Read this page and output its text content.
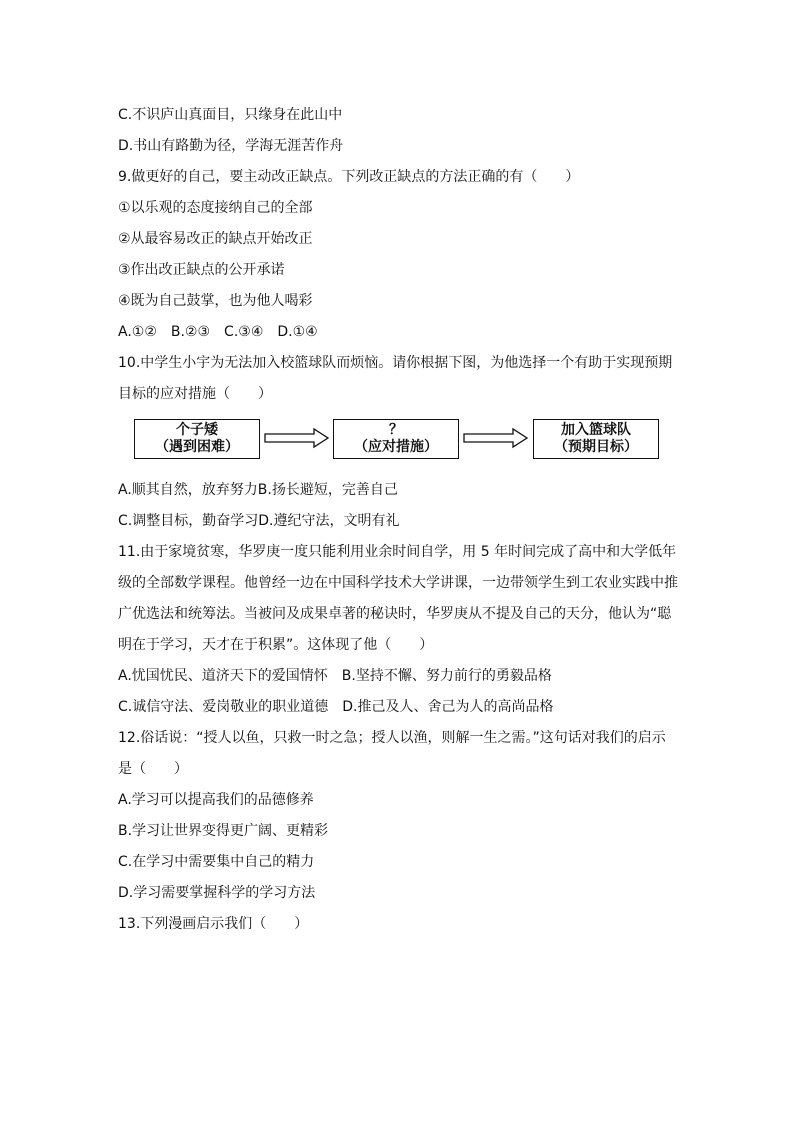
C.不识庐山真面目，只缘身在此山中
D.书山有路勤为径，学海无涯苦作舟
9.做更好的自己，要主动改正缺点。下列改正缺点的方法正确的有（　　）
①以乐观的态度接纳自己的全部
②从最容易改正的缺点开始改正
③作出改正缺点的公开承诺
④既为自己鼓掌，也为他人喝彩
A.①②　B.②③　C.③④　D.①④
10.中学生小宇为无法加入校篮球队而烦恼。请你根据下图，为他选择一个有助于实现预期
目标的应对措施（　　）
个子矮
（遇到困难）
？
（应对措施）
加入篮球队
（预期目标）
A.顺其自然，放弃努力B.扬长避短，完善自己
C.调整目标，勤奋学习D.遵纪守法，文明有礼
11.由于家境贫寒，华罗庚一度只能利用业余时间自学，用 5 年时间完成了高中和大学低年
级的全部数学课程。他曾经一边在中国科学技术大学讲课，一边带领学生到工农业实践中推
广优选法和统筹法。当被问及成果卓著的秘诀时，华罗庚从不提及自己的天分，他认为“聪
明在于学习，天才在于积累”。这体现了他（　　）
A.忧国忧民、道济天下的爱国情怀　B.坚持不懈、努力前行的勇毅品格
C.诚信守法、爱岗敬业的职业道德　D.推己及人、舍己为人的高尚品格
12.俗话说：“授人以鱼，只救一时之急；授人以渔，则解一生之需。”这句话对我们的启示
是（　　）
A.学习可以提高我们的品德修养
B.学习让世界变得更广阔、更精彩
C.在学习中需要集中自己的精力
D.学习需要掌握科学的学习方法
13.下列漫画启示我们（　　）
